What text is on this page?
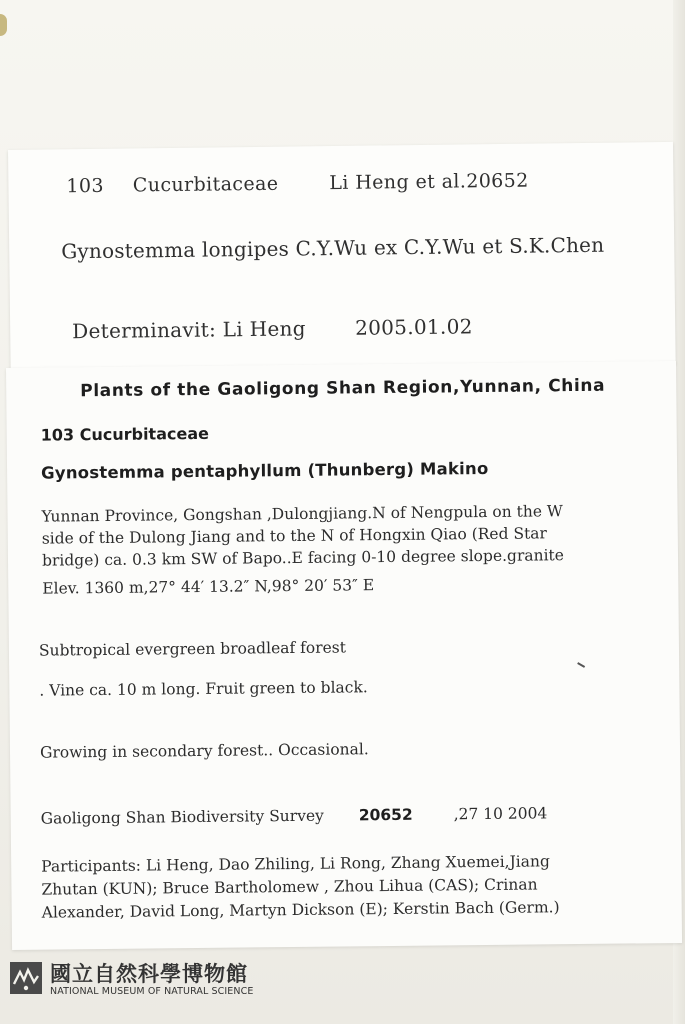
103 Cucurbitaceae	Li Heng et al.20652
Gynostemma longipes C.Y.Wu ex C.Y.Wu et S.K.Chen
Determinavit: Li Heng 2005.01.02
Plants of the Gaoligong Shan Region,Yunnan, China
103 Cucurbitaceae
Gynostemma pentaphyllum (Thunberg) Makino
Yunnan Province, Gongshan ,Dulongjiang.N of Nengpula on the W
side of the Dulong Jiang and to the N of Hongxin Qiao (Red Star
bridge) ca. 0.3 km SW of Bapo..E facing 0-10 degree slope.granite
Elev. 1360 m,27° 44′ 13.2″ N,98° 20′ 53″ E
Subtropical evergreen broadleaf forest
. Vine ca. 10 m long. Fruit green to black.
Growing in secondary forest.. Occasional.
Gaoligong Shan Biodiversity Survey 20652	,27 10 2004
Participants: Li Heng, Dao Zhiling, Li Rong, Zhang Xuemei,Jiang
Zhutan (KUN); Bruce Bartholomew , Zhou Lihua (CAS); Crinan
Alexander, David Long, Martyn Dickson (E); Kerstin Bach (Germ.)
國立自然科學博物館
NATIONAL MUSEUM OF NATURAL SCIENCE
